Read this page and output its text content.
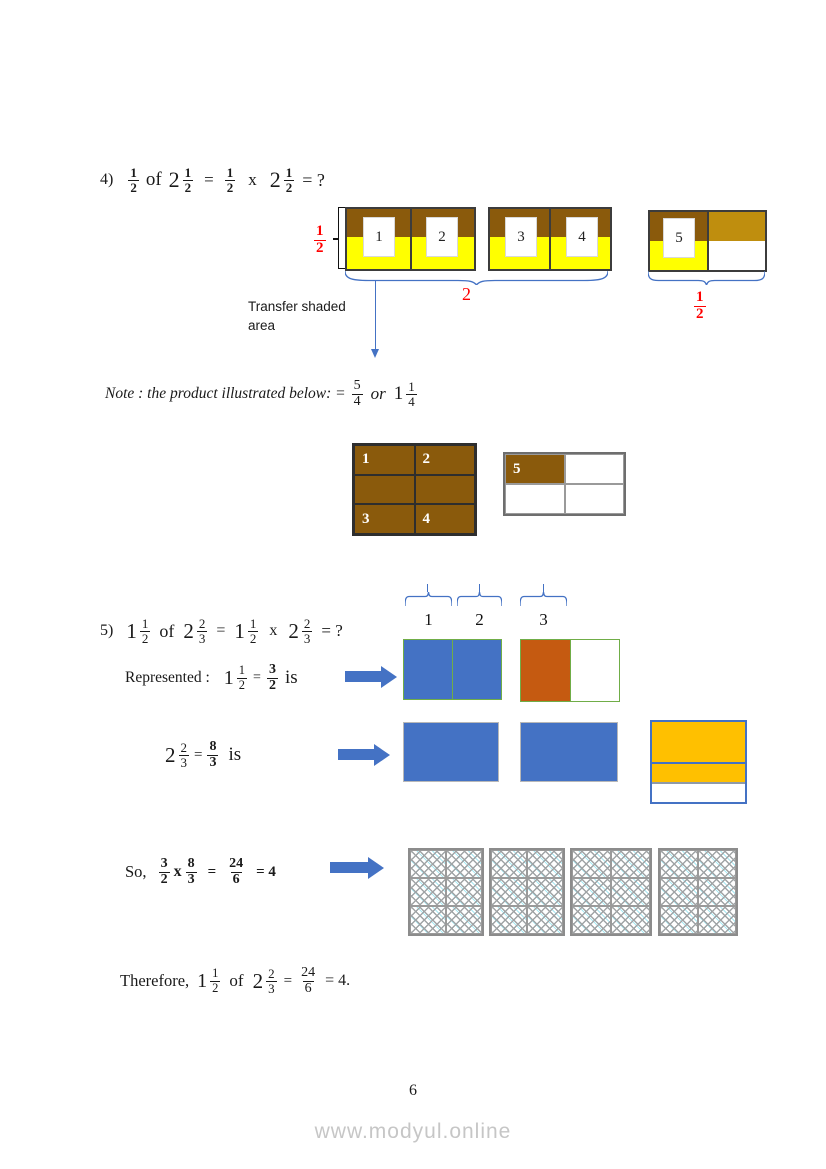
$4) \frac{1}{2}$ of $2 \frac{1}{2} = \frac{1}{2}$ x $2 \frac{1}{2}$ = ?
$\frac{1}{2}$	1	2	3	4	5
2	$\frac{1}{2}$
Transfer shaded
area
Note : the product illustrated below: = $\frac{5}{4}$ or $1 \frac{1}{4}$
1	2
3	4
5
1	2	3
5) $1 \frac{1}{2}$ of $2 \frac{2}{3} = 1 \frac{1}{2}$ x $2 \frac{2}{3}$ = ?
Represented : $1 \frac{1}{2} = \frac{3}{2}$ is
$2 \frac{2}{3} = \frac{8}{3}$ is
So, $\frac{3}{2}$ x $\frac{8}{3} = \frac{24}{6} = 4$
Therefore, $1 \frac{1}{2}$ of $2 \frac{2}{3} = \frac{24}{6} = 4$.
6
www.modyul.online
